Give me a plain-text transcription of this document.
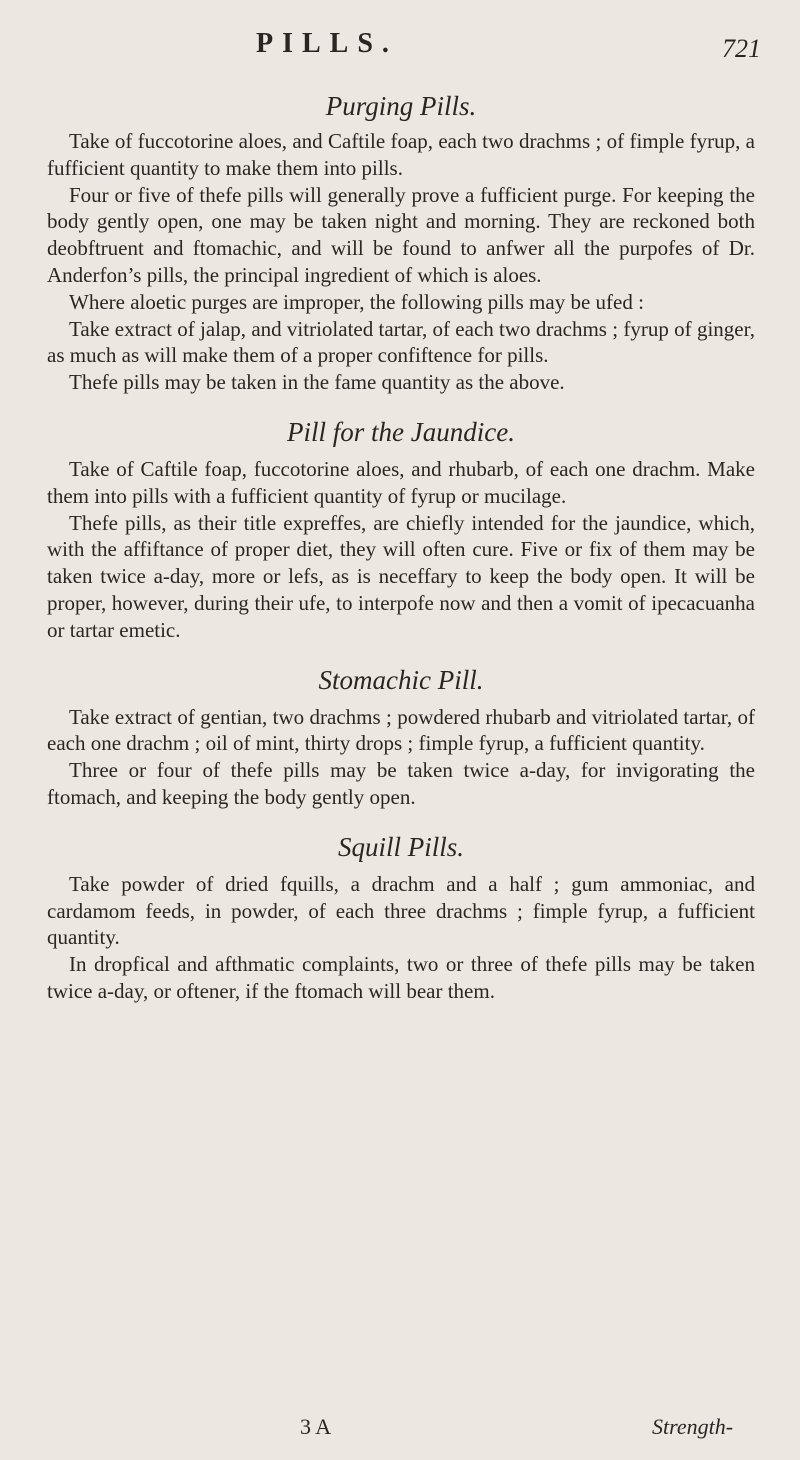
PILLS.	721
Purging Pills.

Take of fuccotorine aloes, and Caftile foap, each two drachms ; of fimple fyrup, a fufficient quantity to make them into pills.

Four or five of thefe pills will generally prove a fufficient purge. For keeping the body gently open, one may be taken night and morning. They are reckoned both deobftruent and ftomachic, and will be found to anfwer all the purpofes of Dr. Anderfon’s pills, the principal ingredient of which is aloes.

Where aloetic purges are improper, the following pills may be ufed :

Take extract of jalap, and vitriolated tartar, of each two drachms ; fyrup of ginger, as much as will make them of a proper confiftence for pills.

Thefe pills may be taken in the fame quantity as the above.

Pill for the Jaundice.

Take of Caftile foap, fuccotorine aloes, and rhubarb, of each one drachm. Make them into pills with a fufficient quantity of fyrup or mucilage.

Thefe pills, as their title expreffes, are chiefly intended for the jaundice, which, with the affiftance of proper diet, they will often cure. Five or fix of them may be taken twice a-day, more or lefs, as is neceffary to keep the body open. It will be proper, however, during their ufe, to interpofe now and then a vomit of ipecacuanha or tartar emetic.

Stomachic Pill.

Take extract of gentian, two drachms ; powdered rhubarb and vitriolated tartar, of each one drachm ; oil of mint, thirty drops ; fimple fyrup, a fufficient quantity.

Three or four of thefe pills may be taken twice a-day, for invigorating the ftomach, and keeping the body gently open.

Squill Pills.

Take powder of dried fquills, a drachm and a half ; gum ammoniac, and cardamom feeds, in powder, of each three drachms ; fimple fyrup, a fufficient quantity.

In dropfical and afthmatic complaints, two or three of thefe pills may be taken twice a-day, or oftener, if the ftomach will bear them.

3 A	Strength-
